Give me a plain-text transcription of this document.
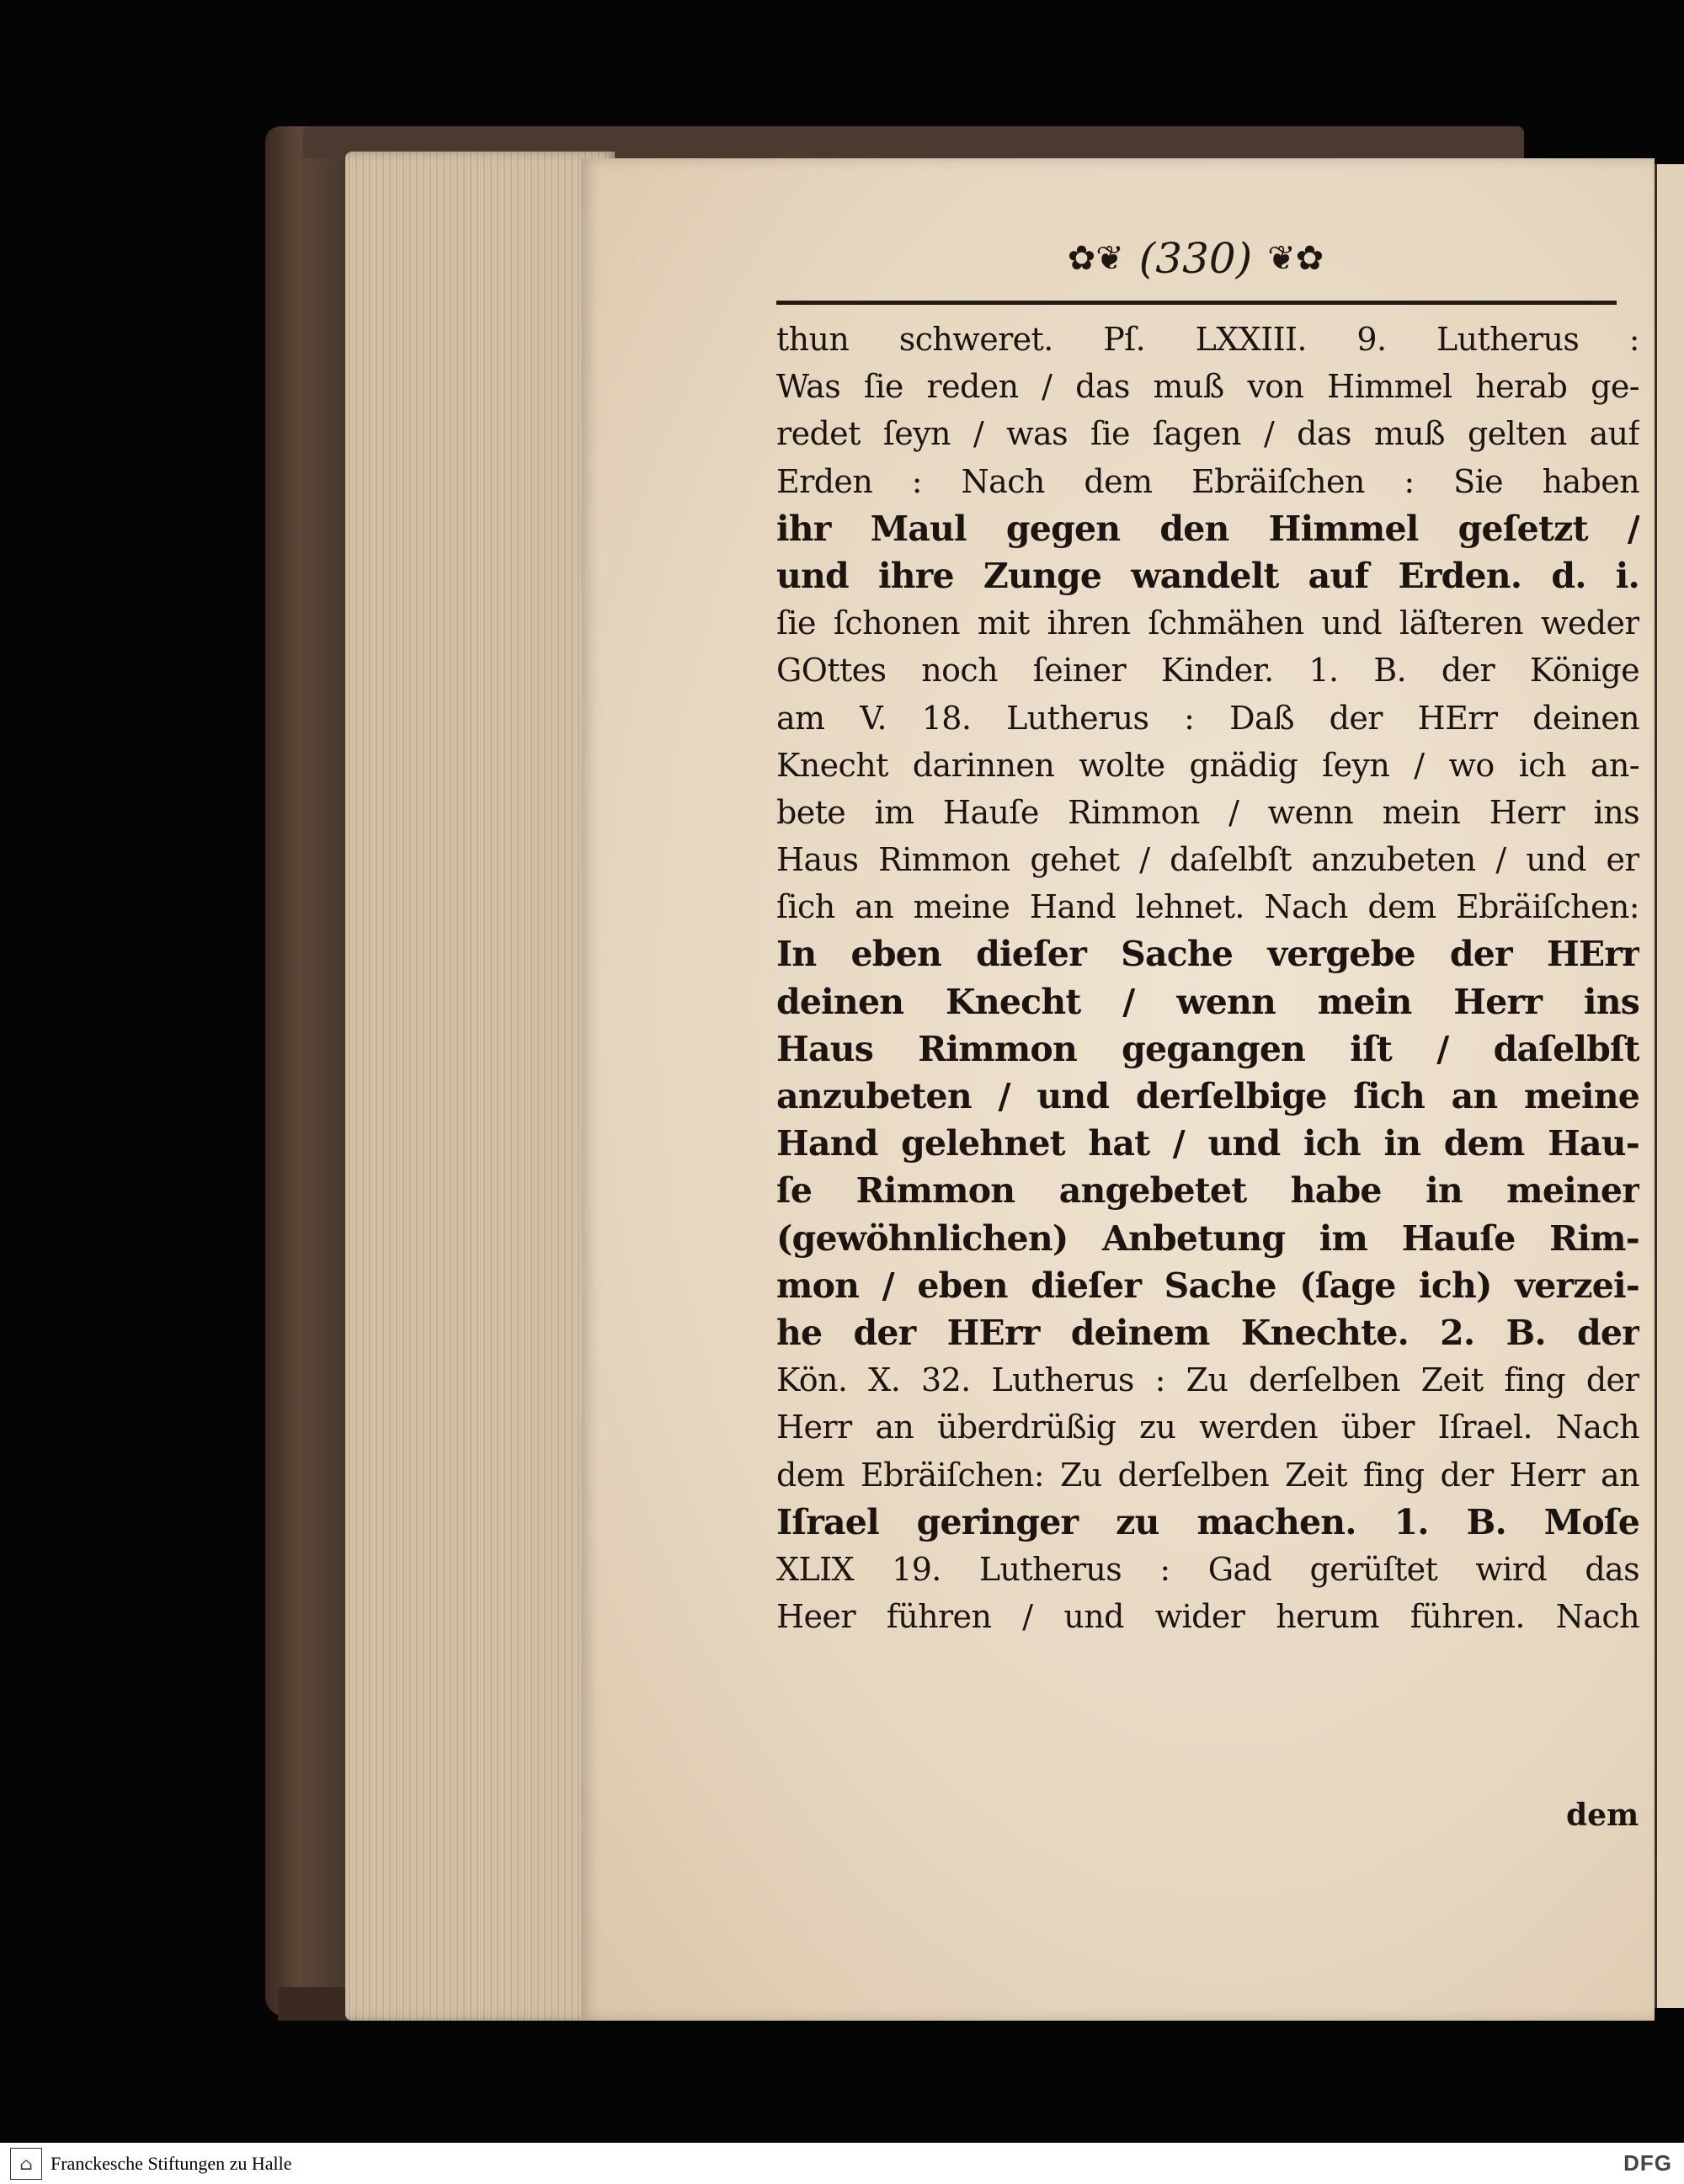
✿❦ (330) ❦✿
thun schweret. Pſ. LXXIII. 9. Lutherus :
Was ſie reden / das muß von Himmel herab ge-
redet ſeyn / was ſie ſagen / das muß gelten auf
Erden : Nach dem Ebräiſchen : Sie haben
ihr Maul gegen den Himmel geſetzt /
und ihre Zunge wandelt auf Erden. d. i.
ſie ſchonen mit ihren ſchmähen und läſteren weder
GOttes noch ſeiner Kinder. 1. B. der Könige
am V. 18. Lutherus : Daß der HErr deinen
Knecht darinnen wolte gnädig ſeyn / wo ich an-
bete im Hauſe Rimmon / wenn mein Herr ins
Haus Rimmon gehet / daſelbſt anzubeten / und er
ſich an meine Hand lehnet. Nach dem Ebräiſchen:
In eben dieſer Sache vergebe der HErr
deinen Knecht / wenn mein Herr ins
Haus Rimmon gegangen iſt / daſelbſt
anzubeten / und derſelbige ſich an meine
Hand gelehnet hat / und ich in dem Hau-
ſe Rimmon angebetet habe in meiner
(gewöhnlichen) Anbetung im Hauſe Rim-
mon / eben dieſer Sache (ſage ich) verzei-
he der HErr deinem Knechte. 2. B. der
Kön. X. 32. Lutherus : Zu derſelben Zeit fing der
Herr an überdrüßig zu werden über Iſrael. Nach
dem Ebräiſchen: Zu derſelben Zeit fing der Herr an
Iſrael geringer zu machen. 1. B. Moſe
XLIX 19. Lutherus : Gad gerüſtet wird das
Heer führen / und wider herum führen. Nach
dem
⌂ Franckesche Stiftungen zu Halle	DFG
